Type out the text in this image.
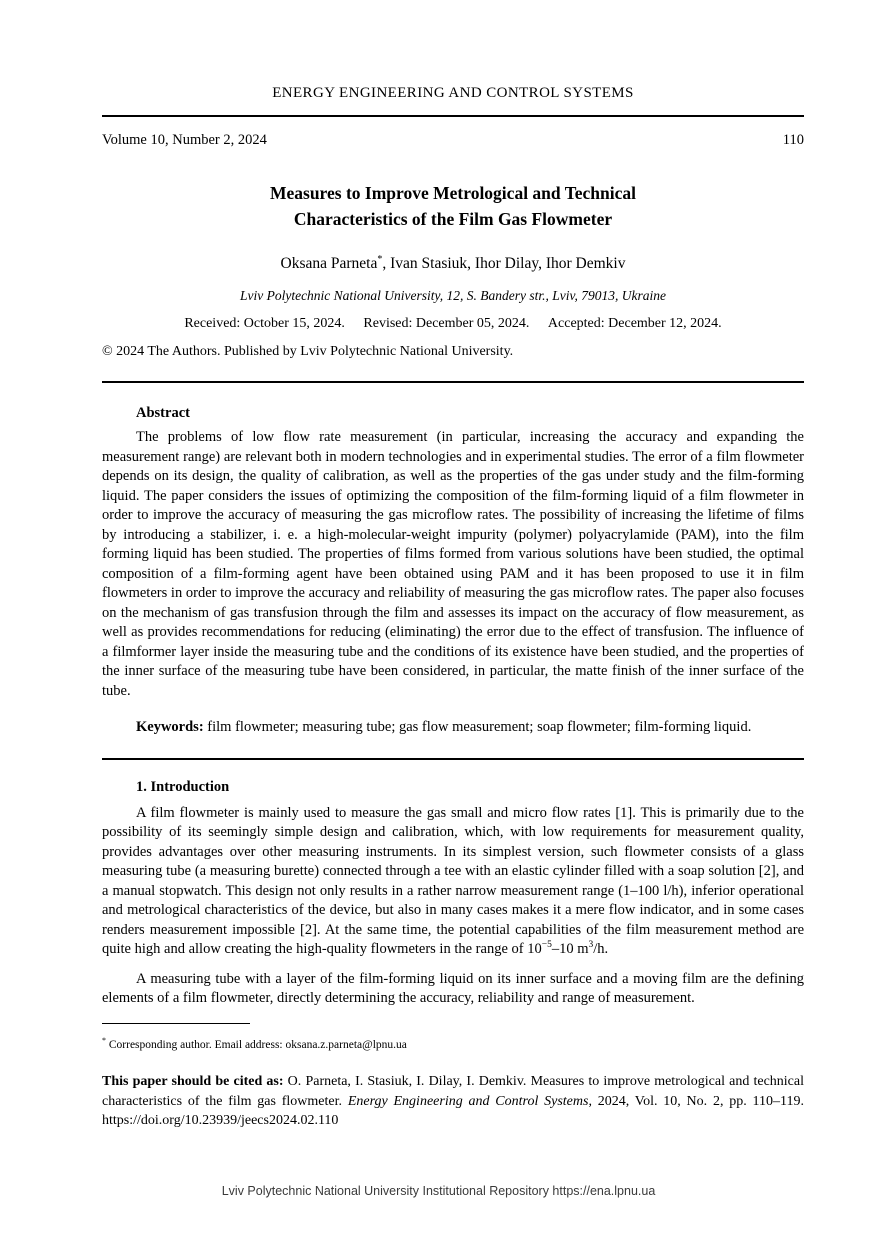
ENERGY ENGINEERING AND CONTROL SYSTEMS
Volume 10, Number 2, 2024	110
Measures to Improve Metrological and Technical
Characteristics of the Film Gas Flowmeter
Oksana Parneta*, Ivan Stasiuk, Ihor Dilay, Ihor Demkiv
Lviv Polytechnic National University, 12, S. Bandery str., Lviv, 79013, Ukraine
Received: October 15, 2024. Revised: December 05, 2024. Accepted: December 12, 2024.
© 2024 The Authors. Published by Lviv Polytechnic National University.
Abstract

The problems of low flow rate measurement (in particular, increasing the accuracy and expanding the measurement range) are relevant both in modern technologies and in experimental studies. The error of a film flowmeter depends on its design, the quality of calibration, as well as the properties of the gas under study and the film-forming liquid. The paper considers the issues of optimizing the composition of the film-forming liquid of a film flowmeter in order to improve the accuracy of measuring the gas microflow rates. The possibility of increasing the lifetime of films by introducing a stabilizer, i. e. a high-molecular-weight impurity (polymer) polyacrylamide (PAM), into the film forming liquid has been studied. The properties of films formed from various solutions have been studied, the optimal composition of a film-forming agent have been obtained using PAM and it has been proposed to use it in film flowmeters in order to improve the accuracy and reliability of measuring the gas microflow rates. The paper also focuses on the mechanism of gas transfusion through the film and assesses its impact on the accuracy of flow measurement, as well as provides recommendations for reducing (eliminating) the error due to the effect of transfusion. The influence of a filmformer layer inside the measuring tube and the conditions of its existence have been studied, and the properties of the inner surface of the measuring tube have been considered, in particular, the matte finish of the inner surface of the tube.

Keywords: film flowmeter; measuring tube; gas flow measurement; soap flowmeter; film-forming liquid.

1. Introduction

A film flowmeter is mainly used to measure the gas small and micro flow rates [1]. This is primarily due to the possibility of its seemingly simple design and calibration, which, with low requirements for measurement quality, provides advantages over other measuring instruments. In its simplest version, such flowmeter consists of a glass measuring tube (a measuring burette) connected through a tee with an elastic cylinder filled with a soap solution [2], and a manual stopwatch. This design not only results in a rather narrow measurement range (1–100 l/h), inferior operational and metrological characteristics of the device, but also in many cases makes it a mere flow indicator, and in some cases renders measurement impossible [2]. At the same time, the potential capabilities of the film measurement method are quite high and allow creating the high-quality flowmeters in the range of $10^{-5}-10$ $m^3/h$.

A measuring tube with a layer of the film-forming liquid on its inner surface and a moving film are the defining elements of a film flowmeter, directly determining the accuracy, reliability and range of measurement.

* Corresponding author. Email address: oksana.z.parneta@lpnu.ua

This paper should be cited as: O. Parneta, I. Stasiuk, I. Dilay, I. Demkiv. Measures to improve metrological and technical characteristics of the film gas flowmeter. Energy Engineering and Control Systems, 2024, Vol. 10, No. 2, pp. 110–119. https://doi.org/10.23939/jeecs2024.02.110

Lviv Polytechnic National University Institutional Repository https://ena.lpnu.ua
